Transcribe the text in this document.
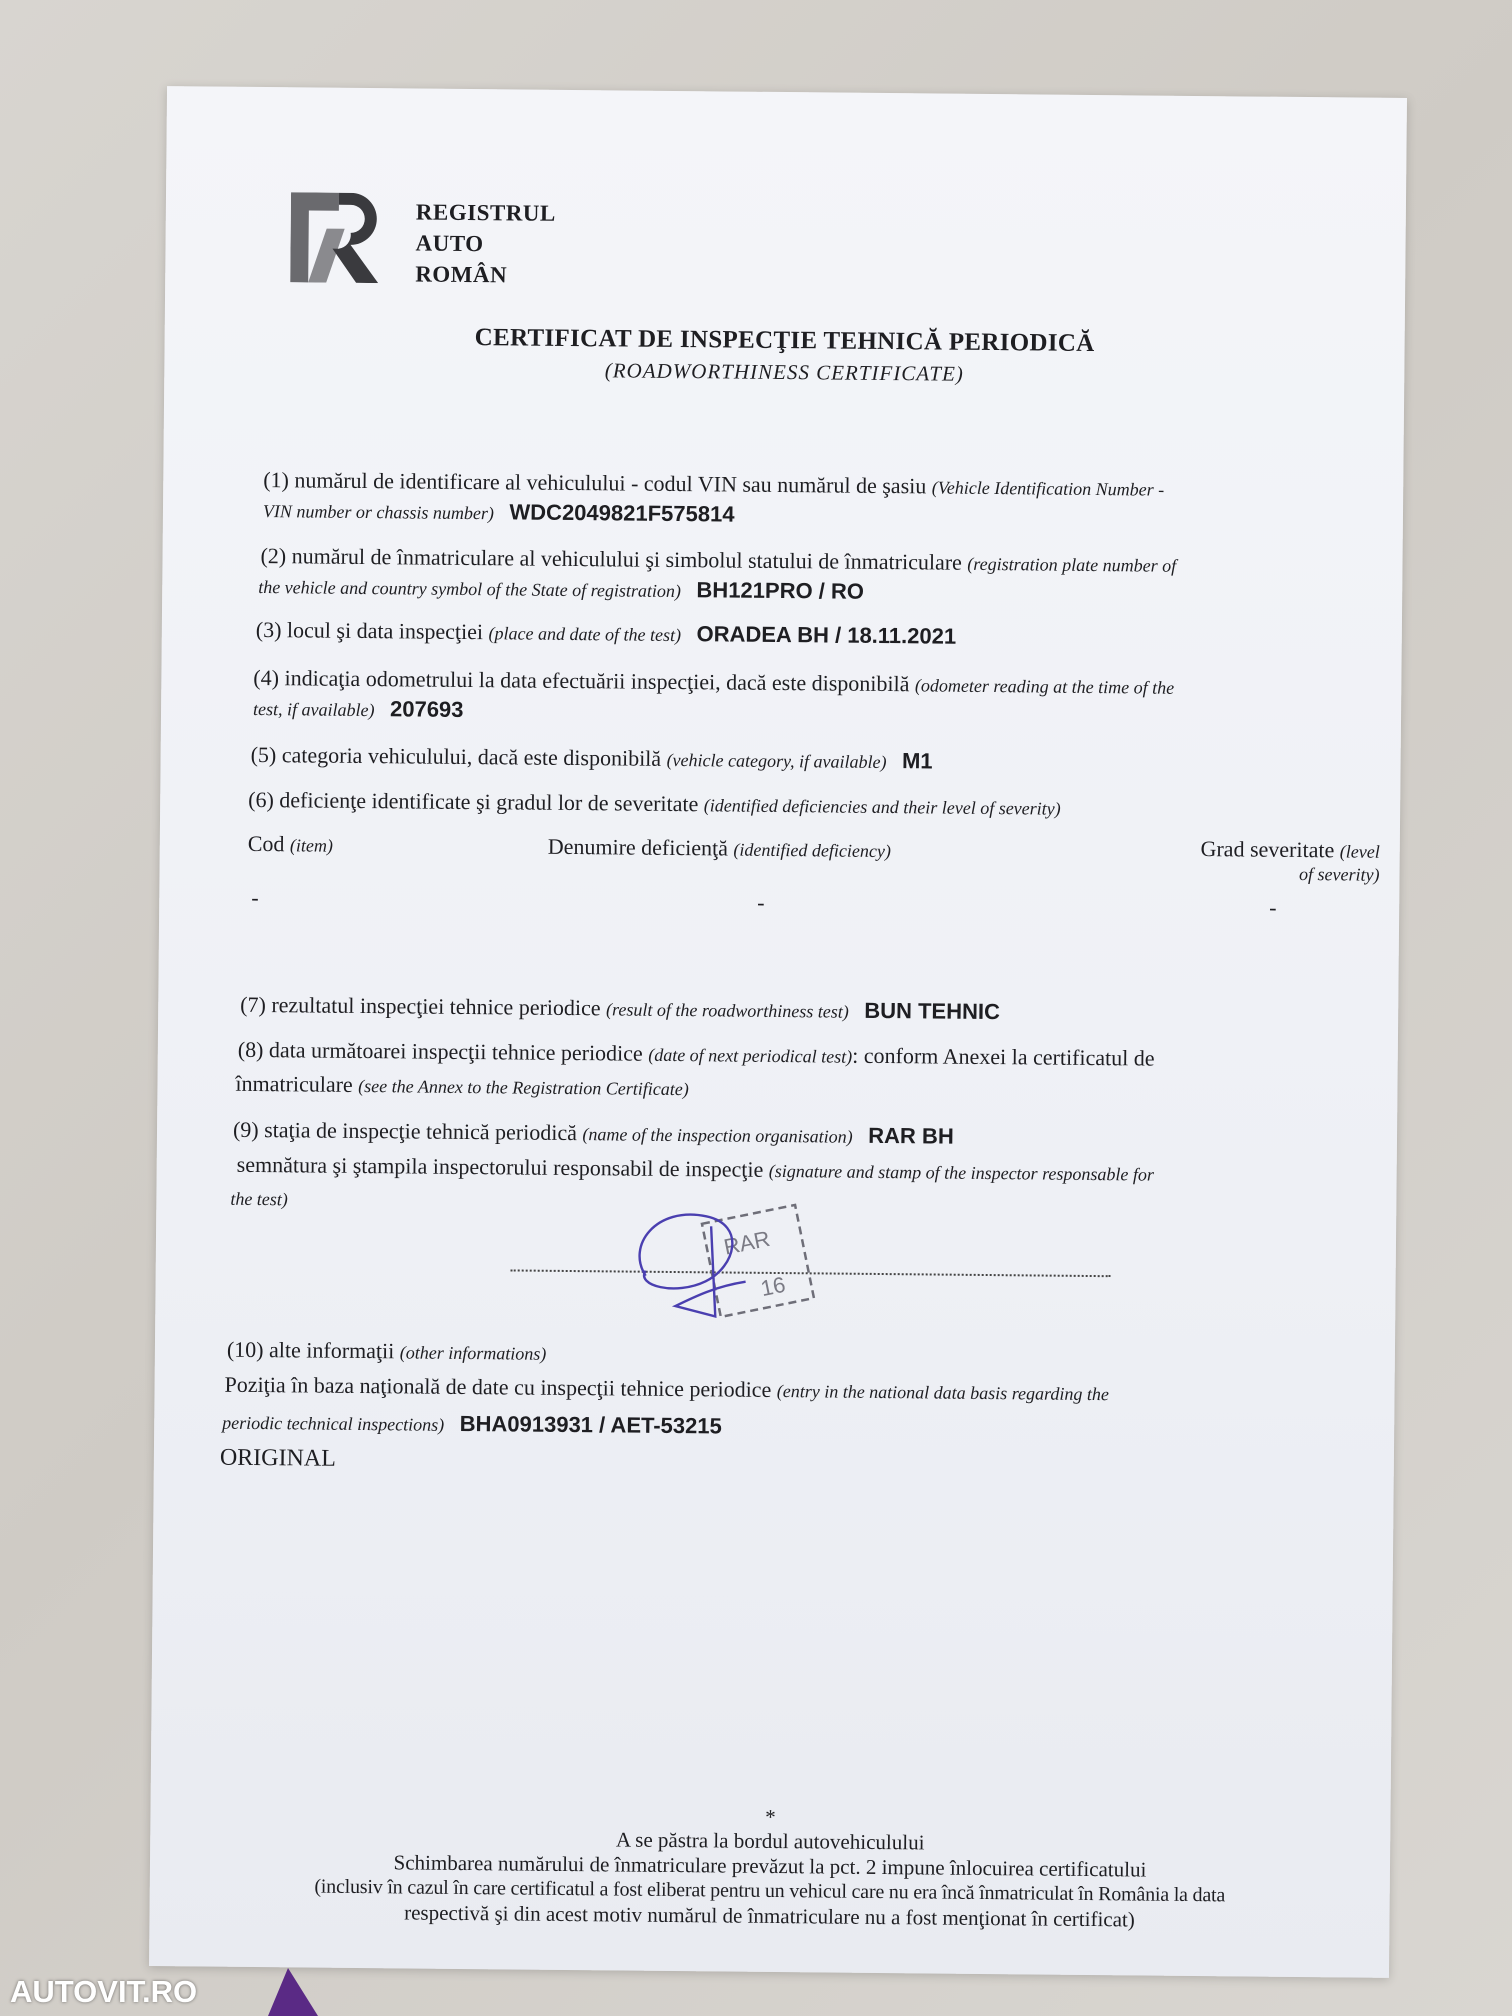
REGISTRUL
AUTO
ROMÂN
CERTIFICAT DE INSPECŢIE TEHNICĂ PERIODICĂ
(ROADWORTHINESS CERTIFICATE)
(1) numărul de identificare al vehiculului - codul VIN sau numărul de şasiu (Vehicle Identification Number -
VIN number or chassis number) WDC2049821F575814
(2) numărul de înmatriculare al vehiculului şi simbolul statului de înmatriculare (registration plate number of
the vehicle and country symbol of the State of registration) BH121PRO / RO
(3) locul şi data inspecţiei (place and date of the test) ORADEA BH / 18.11.2021
(4) indicaţia odometrului la data efectuării inspecţiei, dacă este disponibilă (odometer reading at the time of the
test, if available) 207693
(5) categoria vehiculului, dacă este disponibilă (vehicle category, if available) M1
(6) deficienţe identificate şi gradul lor de severitate (identified deficiencies and their level of severity)
Cod (item)	Denumire deficienţă (identified deficiency)	Grad severitate (level
of severity)
-	-	-
(7) rezultatul inspecţiei tehnice periodice (result of the roadworthiness test) BUN TEHNIC
(8) data următoarei inspecţii tehnice periodice (date of next periodical test): conform Anexei la certificatul de
înmatriculare (see the Annex to the Registration Certificate)
(9) staţia de inspecţie tehnică periodică (name of the inspection organisation) RAR BH
semnătura şi ştampila inspectorului responsabil de inspecţie (signature and stamp of the inspector responsable for
the test)
RAR
16
(10) alte informaţii (other informations)
Poziţia în baza naţională de date cu inspecţii tehnice periodice (entry in the national data basis regarding the
periodic technical inspections) BHA0913931 / AET-53215
ORIGINAL
*
A se păstra la bordul autovehiculului
Schimbarea numărului de înmatriculare prevăzut la pct. 2 impune înlocuirea certificatului
(inclusiv în cazul în care certificatul a fost eliberat pentru un vehicul care nu era încă înmatriculat în România la data
respectivă şi din acest motiv numărul de înmatriculare nu a fost menţionat în certificat)
AUTOVIT.RO
